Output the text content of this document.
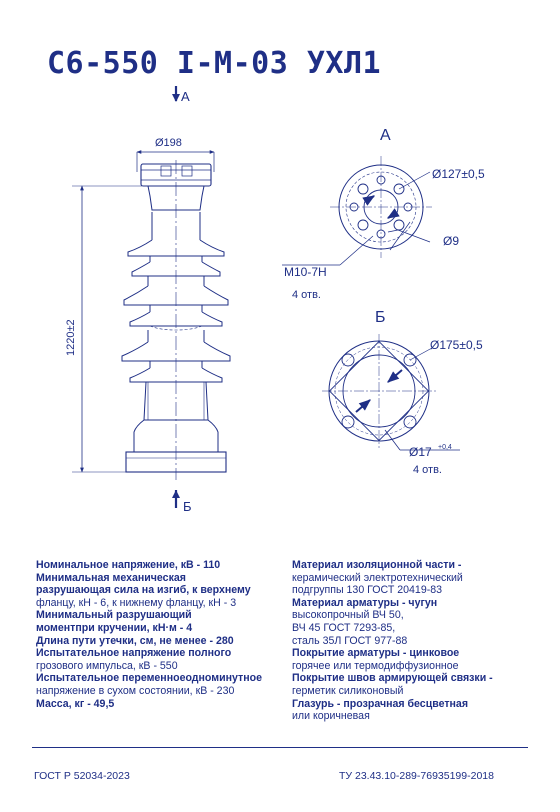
С6-550 I-М-03 УХЛ1
A
Б
Ø198
1220±2
А
Ø127±0,5
Ø9
M10-7H
4 отв.
Б
Ø175±0,5
Ø17 +0,4
4 отв.
Номинальное напряжение, кВ - 110
Минимальная механическая
разрушающая сила на изгиб, к верхнему
фланцу, кН - 6, к нижнему фланцу, кН - 3
Минимальный разрушающий
моментпри кручении, кН·м - 4
Длина пути утечки, см, не менее - 280
Испытательное напряжение полного
грозового импульса, кВ - 550
Испытательное переменноеодноминутное
напряжение в сухом состоянии, кВ - 230
Масса, кг - 49,5
Материал изоляционной части -
керамический электротехнический
подгруппы 130 ГОСТ 20419-83
Материал арматуры - чугун
высокопрочный ВЧ 50,
ВЧ 45 ГОСТ 7293-85,
сталь 35Л ГОСТ 977-88
Покрытие арматуры - цинковое
горячее или термодиффузионное
Покрытие швов армирующей связки -
герметик силиконовый
Глазурь - прозрачная бесцветная
или коричневая
ГОСТ Р 52034-2023	ТУ 23.43.10-289-76935199-2018
